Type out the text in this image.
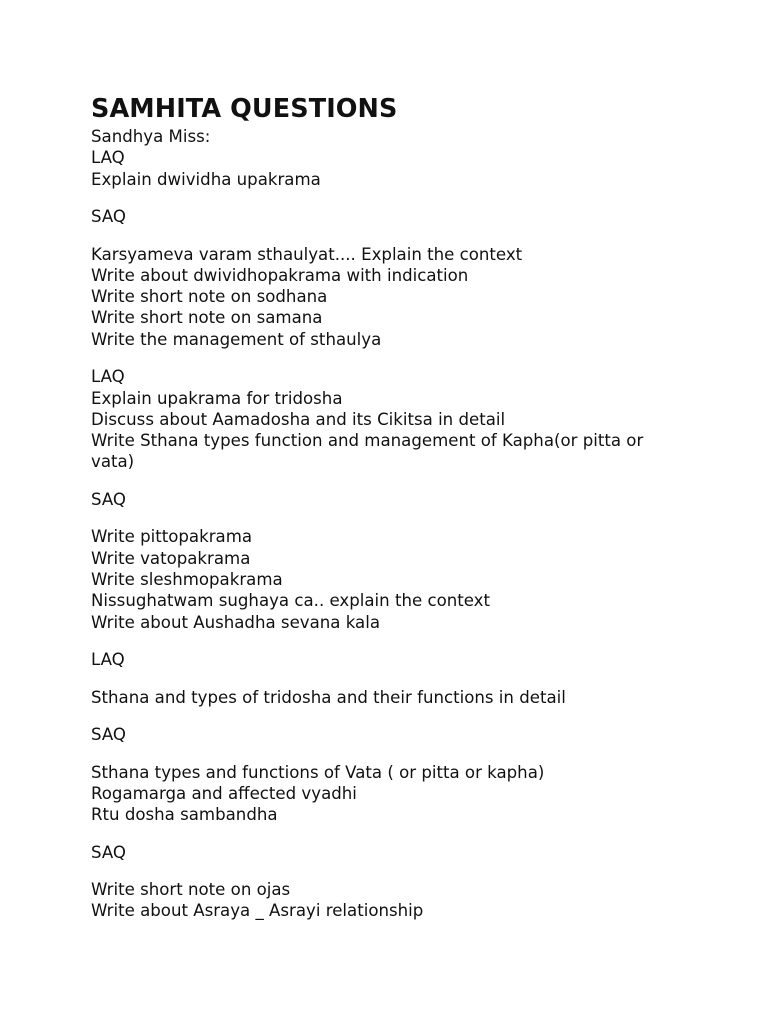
SAMHITA QUESTIONS
Sandhya Miss:
LAQ
Explain dwividha upakrama
SAQ
Karsyameva varam sthaulyat.... Explain the context
Write about dwividhopakrama with indication
Write short note on sodhana
Write short note on samana
Write the management of sthaulya
LAQ
Explain upakrama for tridosha
Discuss about Aamadosha and its Cikitsa in detail
Write Sthana types function and management of Kapha(or pitta or vata)
SAQ
Write pittopakrama
Write vatopakrama
Write sleshmopakrama
Nissughatwam sughaya ca.. explain the context
Write about Aushadha sevana kala
LAQ
Sthana and types of tridosha and their functions in detail
SAQ
Sthana types and functions of Vata ( or pitta or kapha)
Rogamarga and affected vyadhi
Rtu dosha sambandha
SAQ
Write short note on ojas
Write about Asraya _ Asrayi relationship
